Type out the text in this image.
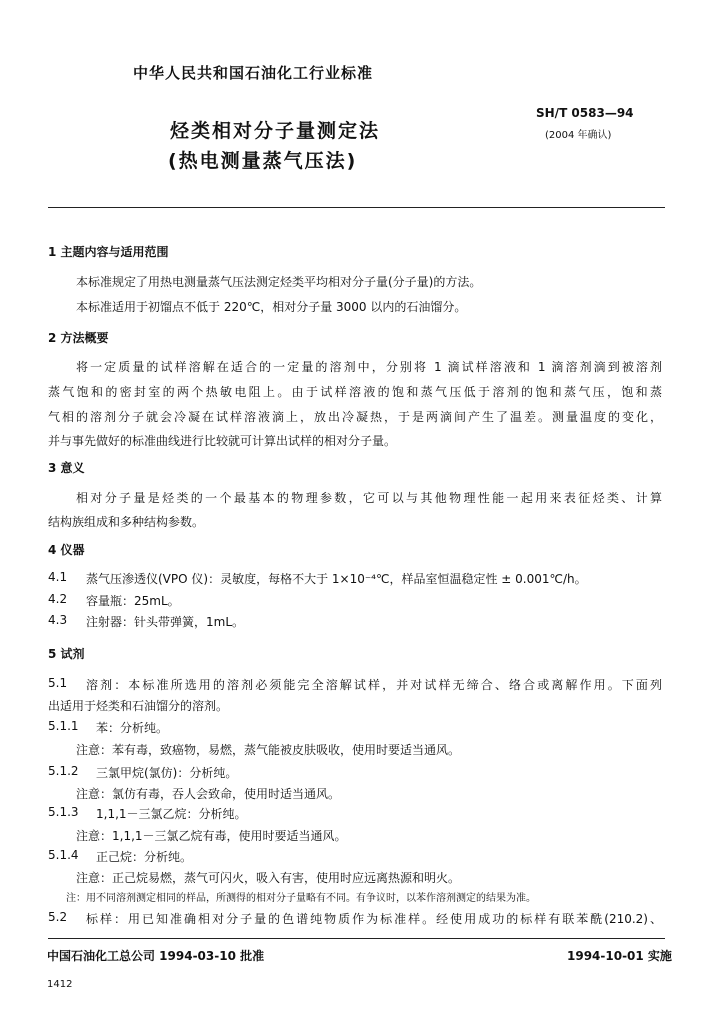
中华人民共和国石油化工行业标准
SH/T 0583—94
(2004 年确认)
烃类相对分子量测定法
(热电测量蒸气压法)
1 主题内容与适用范围
本标准规定了用热电测量蒸气压法测定烃类平均相对分子量(分子量)的方法。
本标准适用于初馏点不低于 220℃，相对分子量 3000 以内的石油馏分。
2 方法概要
将一定质量的试样溶解在适合的一定量的溶剂中，分别将 1 滴试样溶液和 1 滴溶剂滴到被溶剂
蒸气饱和的密封室的两个热敏电阻上。由于试样溶液的饱和蒸气压低于溶剂的饱和蒸气压，饱和蒸
气相的溶剂分子就会冷凝在试样溶液滴上，放出冷凝热，于是两滴间产生了温差。测量温度的变化，
并与事先做好的标准曲线进行比较就可计算出试样的相对分子量。
3 意义
相对分子量是烃类的一个最基本的物理参数，它可以与其他物理性能一起用来表征烃类、计算
结构族组成和多种结构参数。
4 仪器
4.1 蒸气压渗透仪(VPO 仪)：灵敏度，每格不大于 1×10⁻⁴℃，样品室恒温稳定性 ± 0.001℃/h。
4.2 容量瓶：25mL。
4.3 注射器：针头带弹簧，1mL。
5 试剂
5.1 溶剂：本标准所选用的溶剂必须能完全溶解试样，并对试样无缔合、络合或离解作用。下面列
出适用于烃类和石油馏分的溶剂。
5.1.1 苯：分析纯。
注意：苯有毒，致癌物，易燃，蒸气能被皮肤吸收，使用时要适当通风。
5.1.2 三氯甲烷(氯仿)：分析纯。
注意：氯仿有毒，吞人会致命，使用时适当通风。
5.1.3 1,1,1－三氯乙烷：分析纯。
注意：1,1,1－三氯乙烷有毒，使用时要适当通风。
5.1.4 正己烷：分析纯。
注意：正己烷易燃，蒸气可闪火，吸入有害，使用时应远离热源和明火。
注：用不同溶剂测定相同的样品，所测得的相对分子量略有不同。有争议时，以苯作溶剂测定的结果为准。
5.2 标样：用已知准确相对分子量的色谱纯物质作为标准样。经使用成功的标样有联苯酰(210.2)、
中国石油化工总公司 1994-03-10 批准	1994-10-01 实施
1412
